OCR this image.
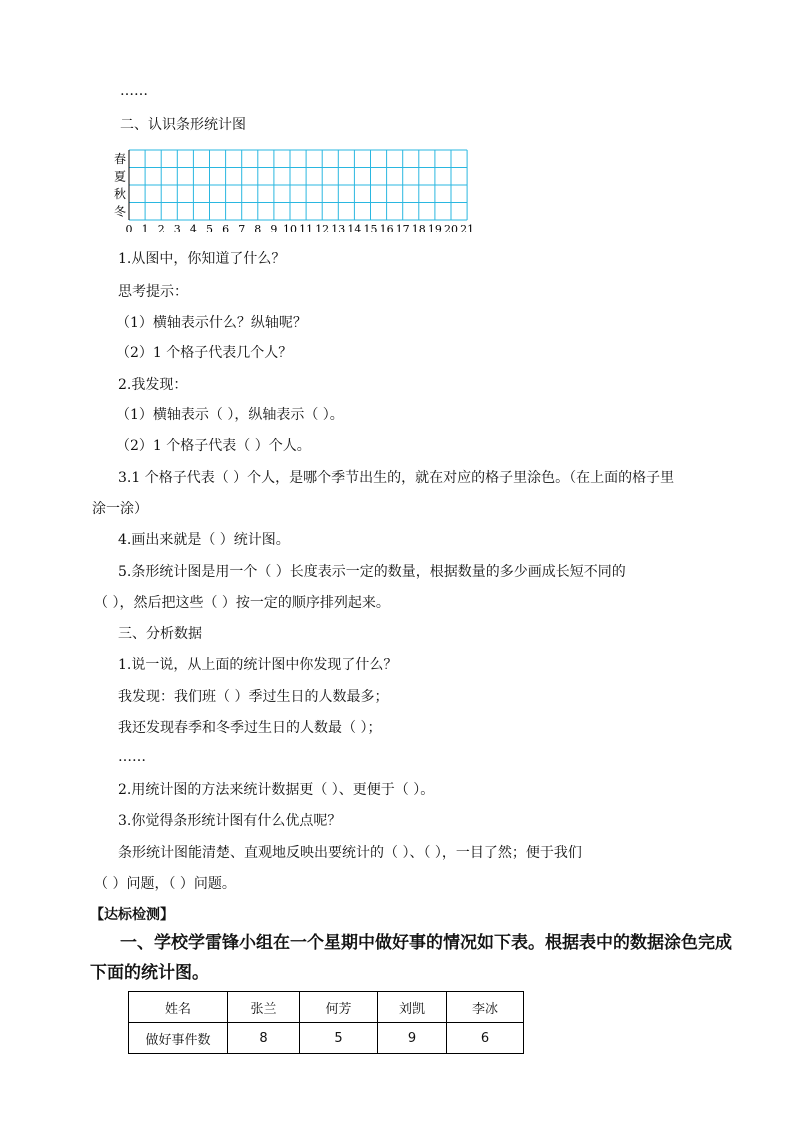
……
二、认识条形统计图
春
夏
秋
冬
0 1 2 3 4 5 6 7 8 9 10 11 12 13 14 15 16 17 18 19 20 21
1.从图中，你知道了什么？
思考提示：
（1）横轴表示什么？纵轴呢？
（2）1 个格子代表几个人？
2.我发现：
（1）横轴表示（ ），纵轴表示（ ）。
（2）1 个格子代表（ ）个人。
3.1 个格子代表（ ）个人，是哪个季节出生的，就在对应的格子里涂色。（在上面的格子里
涂一涂）
4.画出来就是（ ）统计图。
5.条形统计图是用一个（ ）长度表示一定的数量，根据数量的多少画成长短不同的
（ ），然后把这些（ ）按一定的顺序排列起来。
三、分析数据
1.说一说，从上面的统计图中你发现了什么？
我发现：我们班（ ）季过生日的人数最多；
我还发现春季和冬季过生日的人数最（ ）；
……
2.用统计图的方法来统计数据更（ ）、更便于（ ）。
3.你觉得条形统计图有什么优点呢？
条形统计图能清楚、直观地反映出要统计的（ ）、（ ），一目了然；便于我们
（ ）问题，（ ）问题。
【达标检测】
一、学校学雷锋小组在一个星期中做好事的情况如下表。根据表中的数据涂色完成
下面的统计图。
姓名	张兰	何芳	刘凯	李冰
做好事件数	8	5	9	6
